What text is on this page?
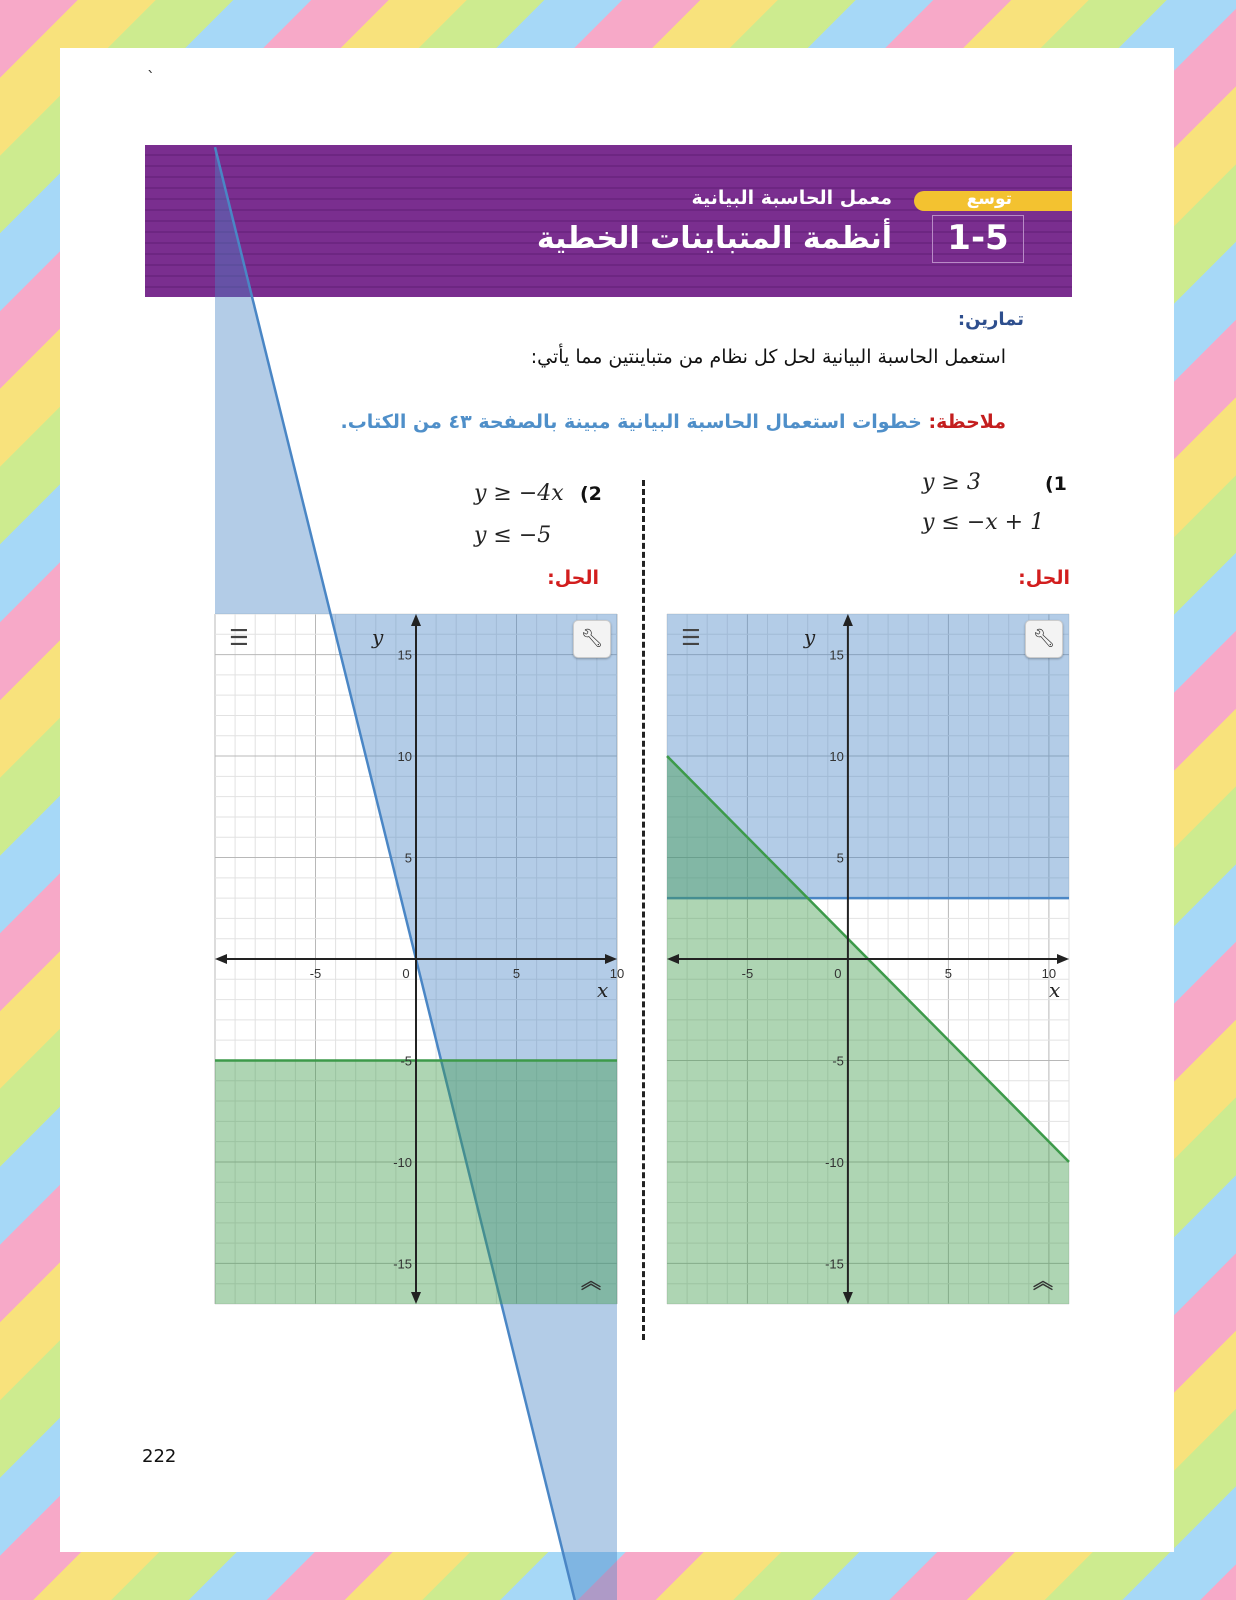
`
توسع
1-5
معمل الحاسبة البيانية
أنظمة المتباينات الخطية
تمارين:
استعمل الحاسبة البيانية لحل كل نظام من متباينتين مما يأتي:
ملاحظة: خطوات استعمال الحاسبة البيانية مبينة بالصفحة ٤٣ من الكتاب.
(1
y ≥ 3
y ≤ −x + 1
الحل:
(2
y ≥ −4x
y ≤ −5
الحل:
-5	0	5	10
15
10
5
-5
-10
-15
x
y
☰	🔧︎
︽
-5	0	5	10
15
10
5
-5
-10
-15
x
y
☰	🔧︎
︽
222
